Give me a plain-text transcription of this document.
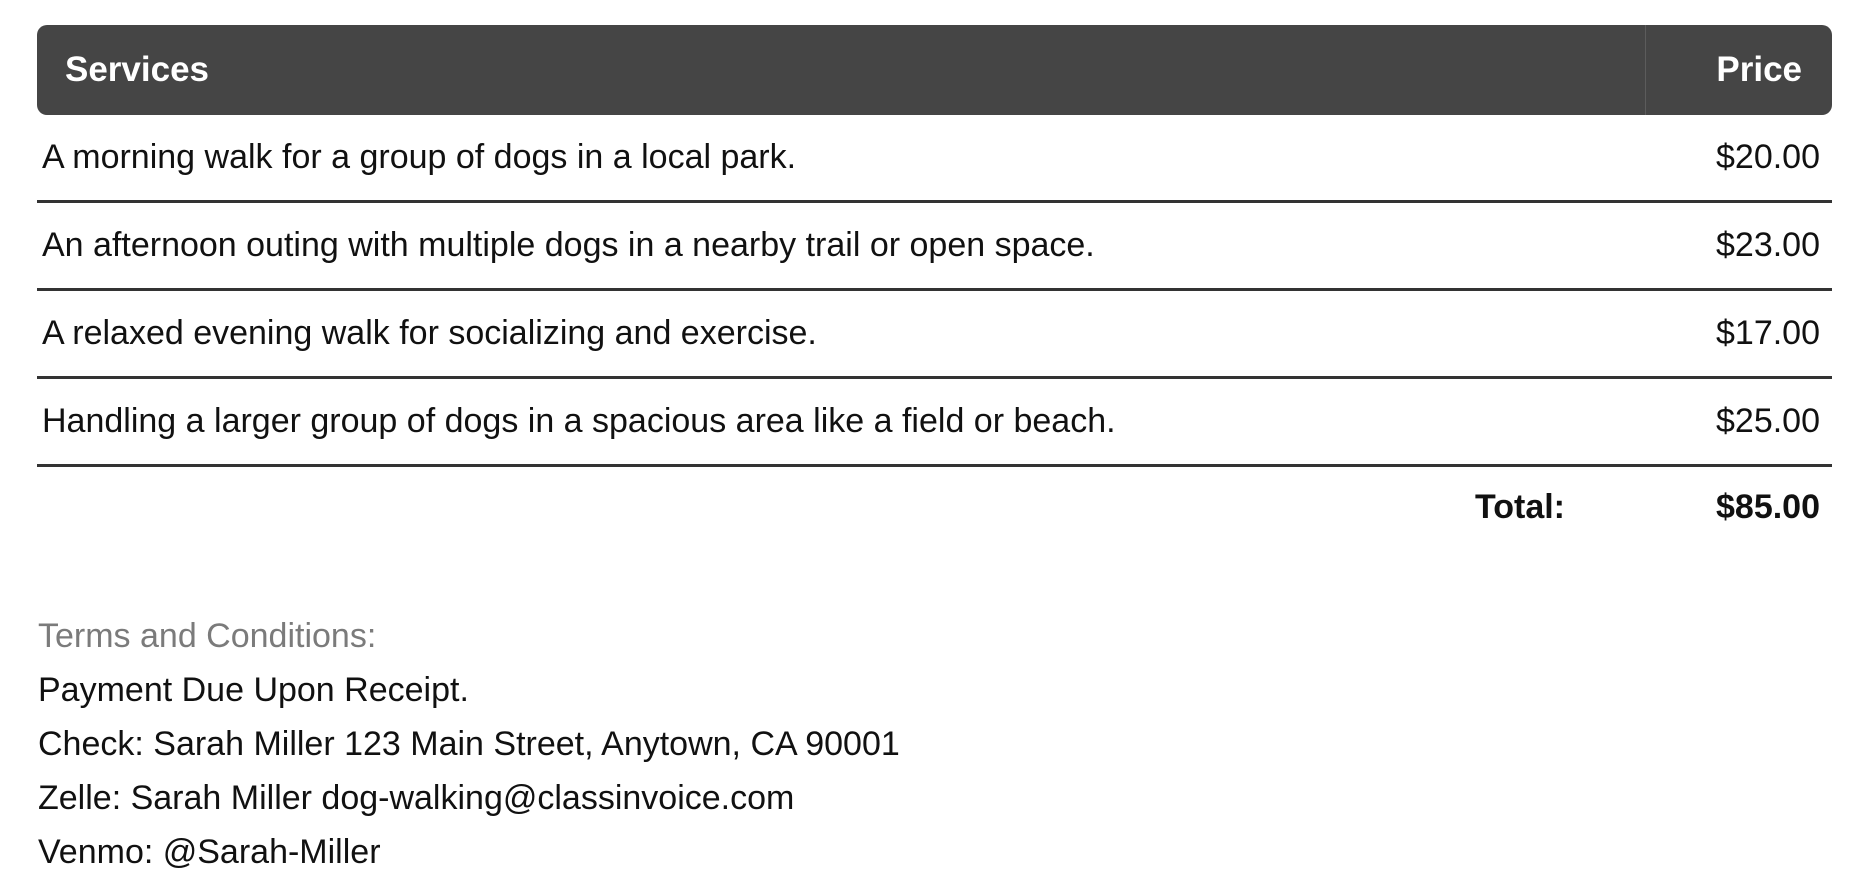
Services	Price
A morning walk for a group of dogs in a local park.	$20.00
An afternoon outing with multiple dogs in a nearby trail or open space.	$23.00
A relaxed evening walk for socializing and exercise.	$17.00
Handling a larger group of dogs in a spacious area like a field or beach.	$25.00
Total:	$85.00
Terms and Conditions:
Payment Due Upon Receipt.
Check: Sarah Miller 123 Main Street, Anytown, CA 90001
Zelle: Sarah Miller dog-walking@classinvoice.com
Venmo: @Sarah-Miller
